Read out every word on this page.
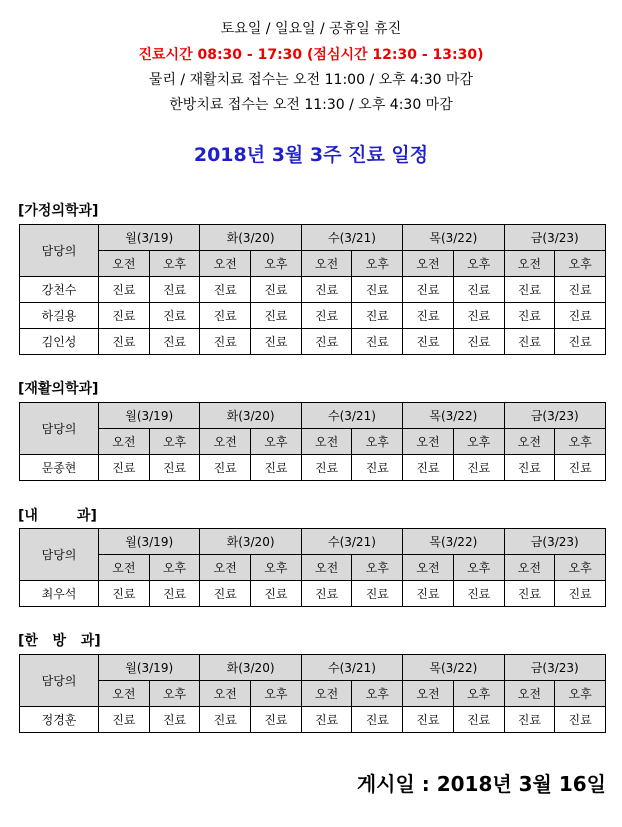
토요일 / 일요일 / 공휴일 휴진
진료시간 08:30 - 17:30 (점심시간 12:30 - 13:30)
물리 / 재활치료 접수는 오전 11:00 / 오후 4:30 마감
한방치료 접수는 오전 11:30 / 오후 4:30 마감
2018년 3월 3주 진료 일정
[가정의학과]
담당의	월(3/19)		화(3/20)		수(3/21)		목(3/22)		금(3/23)	
	오전	오후	오전	오후	오전	오후	오전	오후	오전	오후
강천수	진료	진료	진료	진료	진료	진료	진료	진료	진료	진료
하길용	진료	진료	진료	진료	진료	진료	진료	진료	진료	진료
김인성	진료	진료	진료	진료	진료	진료	진료	진료	진료	진료
[재활의학과]
담당의	월(3/19)		화(3/20)		수(3/21)		목(3/22)		금(3/23)	
	오전	오후	오전	오후	오전	오후	오전	오후	오전	오후
문종현	진료	진료	진료	진료	진료	진료	진료	진료	진료	진료
[내        과]
담당의	월(3/19)		화(3/20)		수(3/21)		목(3/22)		금(3/23)	
	오전	오후	오전	오후	오전	오후	오전	오후	오전	오후
최우석	진료	진료	진료	진료	진료	진료	진료	진료	진료	진료
[한   방   과]
담당의	월(3/19)		화(3/20)		수(3/21)		목(3/22)		금(3/23)	
	오전	오후	오전	오후	오전	오후	오전	오후	오전	오후
정경훈	진료	진료	진료	진료	진료	진료	진료	진료	진료	진료
게시일 : 2018년 3월 16일
